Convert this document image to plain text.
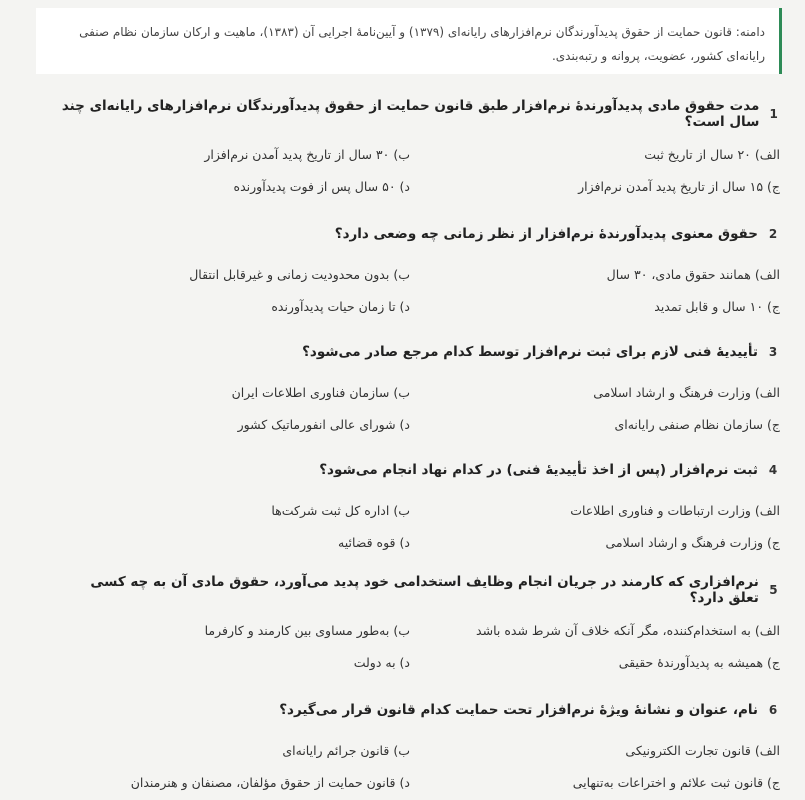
دامنه: قانون حمایت از حقوق پدیدآورندگان نرم‌افزارهای رایانه‌ای (۱۳۷۹) و آیین‌نامهٔ اجرایی آن (۱۳۸۳)، ماهیت و ارکان سازمان نظام صنفی رایانه‌ای کشور، عضویت، پروانه و رتبه‌بندی.
1
مدت حقوق مادی پدیدآورندهٔ نرم‌افزار طبق قانون حمایت از حقوق پدیدآورندگان نرم‌افزارهای رایانه‌ای چند سال است؟
الف)
۲۰ سال از تاریخ ثبت
ب)
۳۰ سال از تاریخ پدید آمدن نرم‌افزار
ج)
۱۵ سال از تاریخ پدید آمدن نرم‌افزار
د)
۵۰ سال پس از فوت پدیدآورنده
2
حقوق معنوی پدیدآورندهٔ نرم‌افزار از نظر زمانی چه وضعی دارد؟
الف)
همانند حقوق مادی، ۳۰ سال
ب)
بدون محدودیت زمانی و غیرقابل انتقال
ج)
۱۰ سال و قابل تمدید
د)
تا زمان حیات پدیدآورنده
3
تأییدیهٔ فنی لازم برای ثبت نرم‌افزار توسط کدام مرجع صادر می‌شود؟
الف)
وزارت فرهنگ و ارشاد اسلامی
ب)
سازمان فناوری اطلاعات ایران
ج)
سازمان نظام صنفی رایانه‌ای
د)
شورای عالی انفورماتیک کشور
4
ثبت نرم‌افزار (پس از اخذ تأییدیهٔ فنی) در کدام نهاد انجام می‌شود؟
الف)
وزارت ارتباطات و فناوری اطلاعات
ب)
اداره کل ثبت شرکت‌ها
ج)
وزارت فرهنگ و ارشاد اسلامی
د)
قوه قضائیه
5
نرم‌افزاری که کارمند در جریان انجام وظایف استخدامی خود پدید می‌آورد، حقوق مادی آن به چه کسی تعلق دارد؟
الف)
به استخدام‌کننده، مگر آنکه خلاف آن شرط شده باشد
ب)
به‌طور مساوی بین کارمند و کارفرما
ج)
همیشه به پدیدآورندهٔ حقیقی
د)
به دولت
6
نام، عنوان و نشانهٔ ویژهٔ نرم‌افزار تحت حمایت کدام قانون قرار می‌گیرد؟
الف)
قانون تجارت الکترونیکی
ب)
قانون جرائم رایانه‌ای
ج)
قانون ثبت علائم و اختراعات به‌تنهایی
د)
قانون حمایت از حقوق مؤلفان، مصنفان و هنرمندان
